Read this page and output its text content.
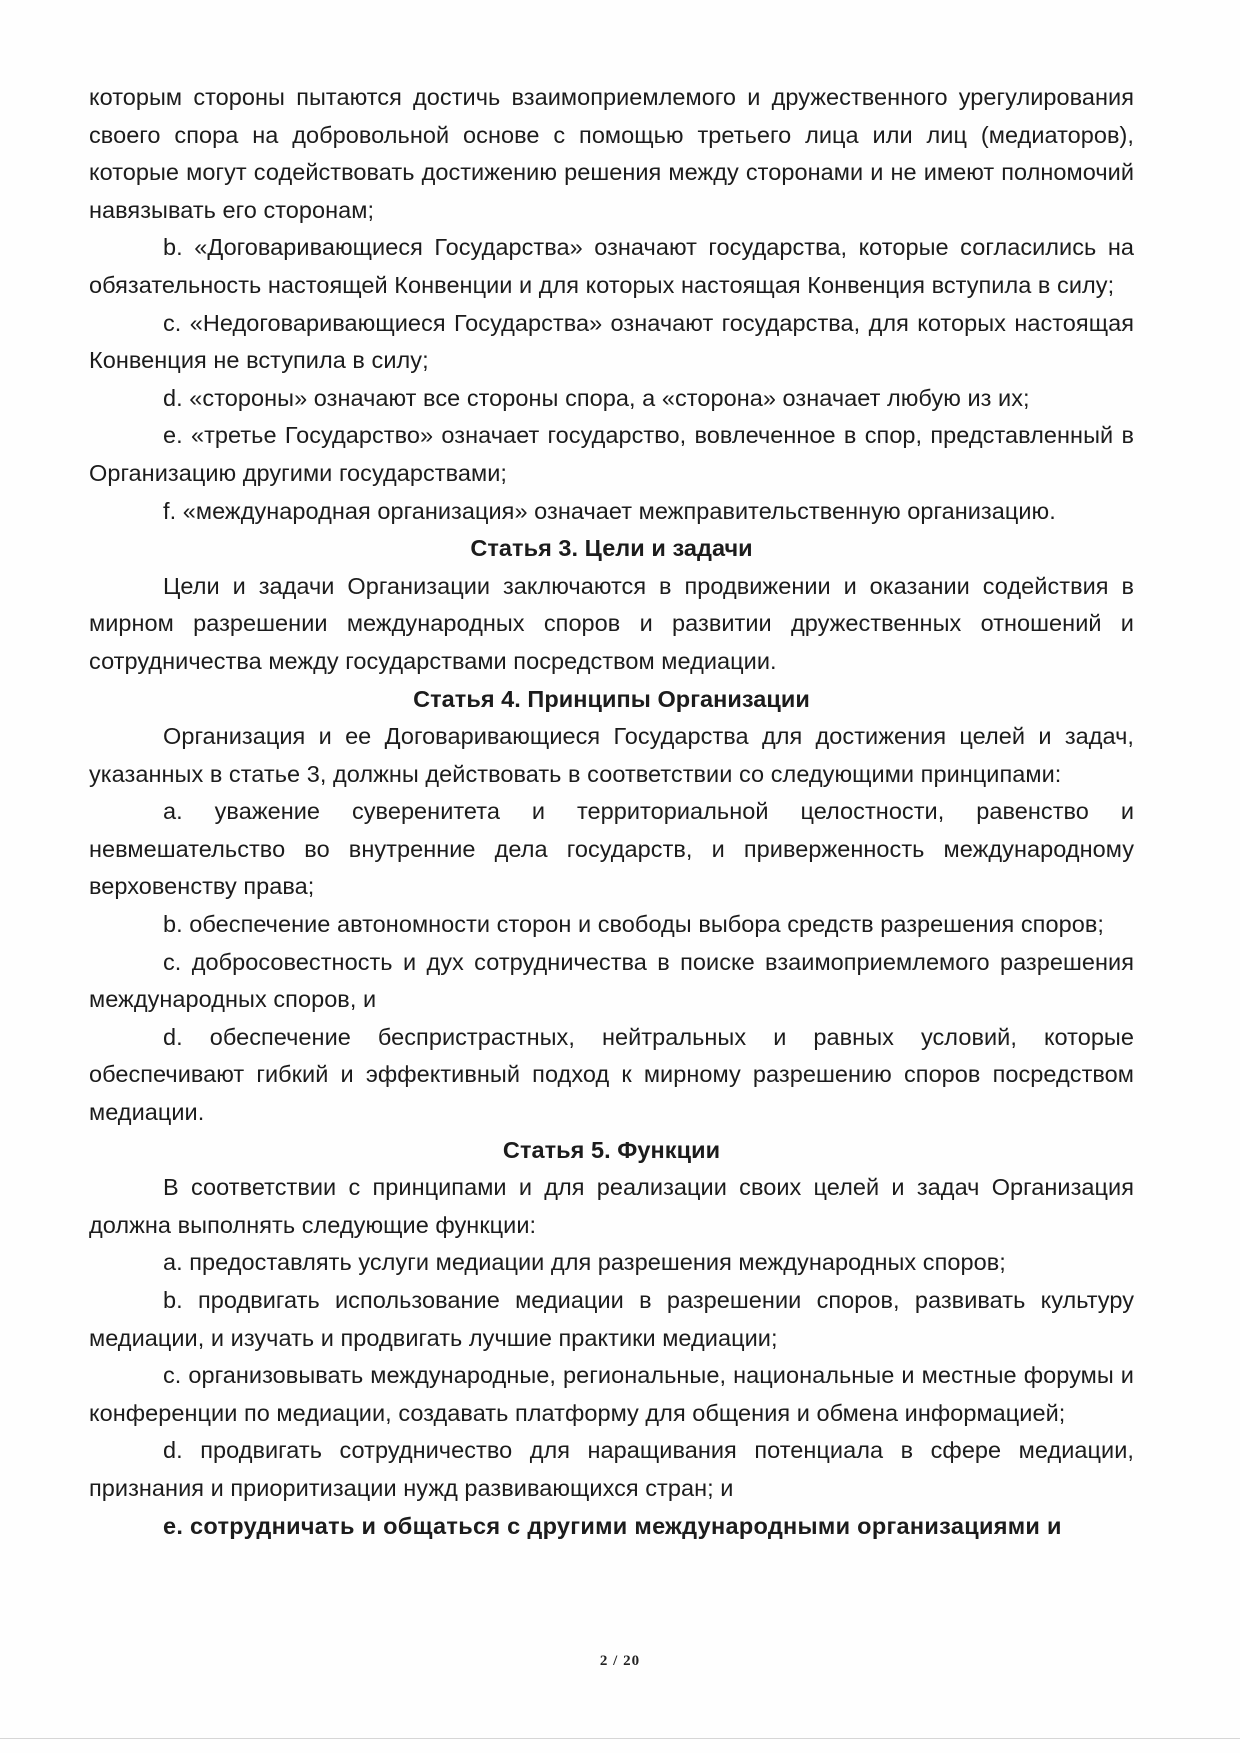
которым стороны пытаются достичь взаимоприемлемого и дружественного урегулирования своего спора на добровольной основе с помощью третьего лица или лиц (медиаторов), которые могут содействовать достижению решения между сторонами и не имеют полномочий навязывать его сторонам;

b. «Договаривающиеся Государства» означают государства, которые согласились на обязательность настоящей Конвенции и для которых настоящая Конвенция вступила в силу;

c. «Недоговаривающиеся Государства» означают государства, для которых настоящая Конвенция не вступила в силу;

d. «стороны» означают все стороны спора, а «сторона» означает любую из их;

e. «третье Государство» означает государство, вовлеченное в спор, представленный в Организацию другими государствами;

f. «международная организация» означает межправительственную организацию.

Статья 3. Цели и задачи

Цели и задачи Организации заключаются в продвижении и оказании содействия в мирном разрешении международных споров и развитии дружественных отношений и сотрудничества между государствами посредством медиации.

Статья 4. Принципы Организации

Организация и ее Договаривающиеся Государства для достижения целей и задач, указанных в статье 3, должны действовать в соответствии со следующими принципами:

a. уважение суверенитета и территориальной целостности, равенство и невмешательство во внутренние дела государств, и приверженность международному верховенству права;

b. обеспечение автономности сторон и свободы выбора средств разрешения споров;

c. добросовестность и дух сотрудничества в поиске взаимоприемлемого разрешения международных споров, и

d. обеспечение беспристрастных, нейтральных и равных условий, которые обеспечивают гибкий и эффективный подход к мирному разрешению споров посредством медиации.

Статья 5. Функции

В соответствии с принципами и для реализации своих целей и задач Организация должна выполнять следующие функции:

a. предоставлять услуги медиации для разрешения международных споров;

b. продвигать использование медиации в разрешении споров, развивать культуру медиации, и изучать и продвигать лучшие практики медиации;

c. организовывать международные, региональные, национальные и местные форумы и конференции по медиации, создавать платформу для общения и обмена информацией;

d. продвигать сотрудничество для наращивания потенциала в сфере медиации, признания и приоритизации нужд развивающихся стран; и

e. сотрудничать и общаться с другими международными организациями и

2 / 20
